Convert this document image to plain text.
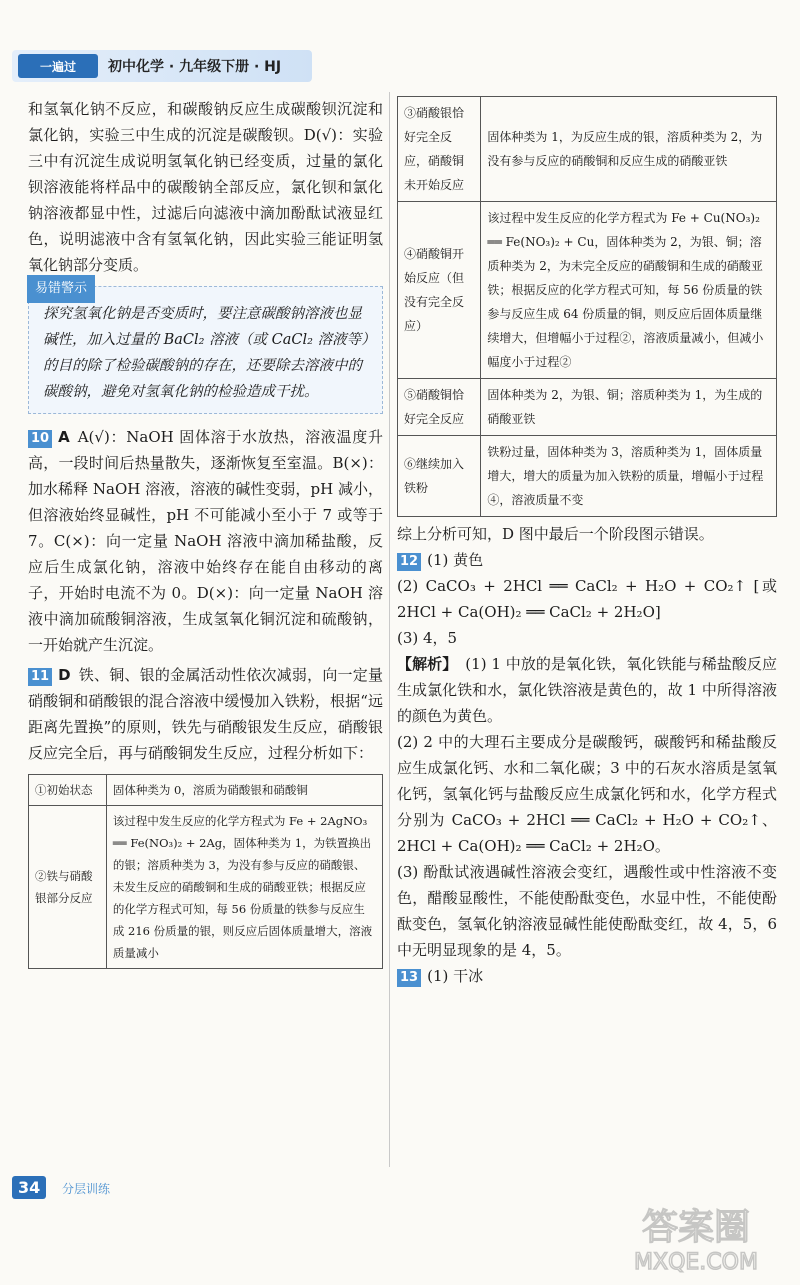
一遍过	初中化学 · 九年级下册 · HJ

和氢氧化钠不反应，和碳酸钠反应生成碳酸钡沉淀和氯化钠，实验三中生成的沉淀是碳酸钡。D(√)：实验三中有沉淀生成说明氢氧化钠已经变质，过量的氯化钡溶液能将样品中的碳酸钠全部反应，氯化钡和氯化钠溶液都显中性，过滤后向滤液中滴加酚酞试液显红色，说明滤液中含有氢氧化钠，因此实验三能证明氢氧化钠部分变质。

易错警示
探究氢氧化钠是否变质时，要注意碳酸钠溶液也显碱性，加入过量的 BaCl₂ 溶液（或 CaCl₂ 溶液等）的目的除了检验碳酸钠的存在，还要除去溶液中的碳酸钠，避免对氢氧化钠的检验造成干扰。

10 A A(√)：NaOH 固体溶于水放热，溶液温度升高，一段时间后热量散失，逐渐恢复至室温。B(×)：加水稀释 NaOH 溶液，溶液的碱性变弱，pH 减小，但溶液始终显碱性，pH 不可能减小至小于 7 或等于 7。C(×)：向一定量 NaOH 溶液中滴加稀盐酸，反应后生成氯化钠，溶液中始终存在能自由移动的离子，开始时电流不为 0。D(×)：向一定量 NaOH 溶液中滴加硫酸铜溶液，生成氢氧化铜沉淀和硫酸钠，一开始就产生沉淀。

11 D 铁、铜、银的金属活动性依次减弱，向一定量硝酸铜和硝酸银的混合溶液中缓慢加入铁粉，根据“远距离先置换”的原则，铁先与硝酸银发生反应，硝酸银反应完全后，再与硝酸铜发生反应，过程分析如下：

①初始状态	固体种类为 0，溶质为硝酸银和硝酸铜
②铁与硝酸银部分反应	该过程中发生反应的化学方程式为 Fe + 2AgNO₃ ══ Fe(NO₃)₂ + 2Ag，固体种类为 1，为铁置换出的银；溶质种类为 3，为没有参与反应的硝酸银、未发生反应的硝酸铜和生成的硝酸亚铁；根据反应的化学方程式可知，每 56 份质量的铁参与反应生成 216 份质量的银，则反应后固体质量增大，溶液质量减小
③硝酸银恰好完全反应，硝酸铜未开始反应	固体种类为 1，为反应生成的银，溶质种类为 2，为没有参与反应的硝酸铜和反应生成的硝酸亚铁
④硝酸铜开始反应（但没有完全反应）	该过程中发生反应的化学方程式为 Fe + Cu(NO₃)₂ ══ Fe(NO₃)₂ + Cu，固体种类为 2，为银、铜；溶质种类为 2，为未完全反应的硝酸铜和生成的硝酸亚铁；根据反应的化学方程式可知，每 56 份质量的铁参与反应生成 64 份质量的铜，则反应后固体质量继续增大，但增幅小于过程②，溶液质量减小，但减小幅度小于过程②
⑤硝酸铜恰好完全反应	固体种类为 2，为银、铜；溶质种类为 1，为生成的硝酸亚铁
⑥继续加入铁粉	铁粉过量，固体种类为 3，溶质种类为 1，固体质量增大，增大的质量为加入铁粉的质量，增幅小于过程④，溶液质量不变

综上分析可知，D 图中最后一个阶段图示错误。

12 (1) 黄色

(2) CaCO₃ + 2HCl ══ CaCl₂ + H₂O + CO₂↑ [或 2HCl + Ca(OH)₂ ══ CaCl₂ + 2H₂O]

(3) 4，5

【解析】 (1) 1 中放的是氧化铁，氧化铁能与稀盐酸反应生成氯化铁和水，氯化铁溶液是黄色的，故 1 中所得溶液的颜色为黄色。

(2) 2 中的大理石主要成分是碳酸钙，碳酸钙和稀盐酸反应生成氯化钙、水和二氧化碳；3 中的石灰水溶质是氢氧化钙，氢氧化钙与盐酸反应生成氯化钙和水，化学方程式分别为 CaCO₃ + 2HCl ══ CaCl₂ + H₂O + CO₂↑、2HCl + Ca(OH)₂ ══ CaCl₂ + 2H₂O。

(3) 酚酞试液遇碱性溶液会变红，遇酸性或中性溶液不变色，醋酸显酸性，不能使酚酞变色，水显中性，不能使酚酞变色，氢氧化钠溶液显碱性能使酚酞变红，故 4，5，6 中无明显现象的是 4，5。

13 (1) 干冰

34	分层训练
答案圈
MXQE.COM
